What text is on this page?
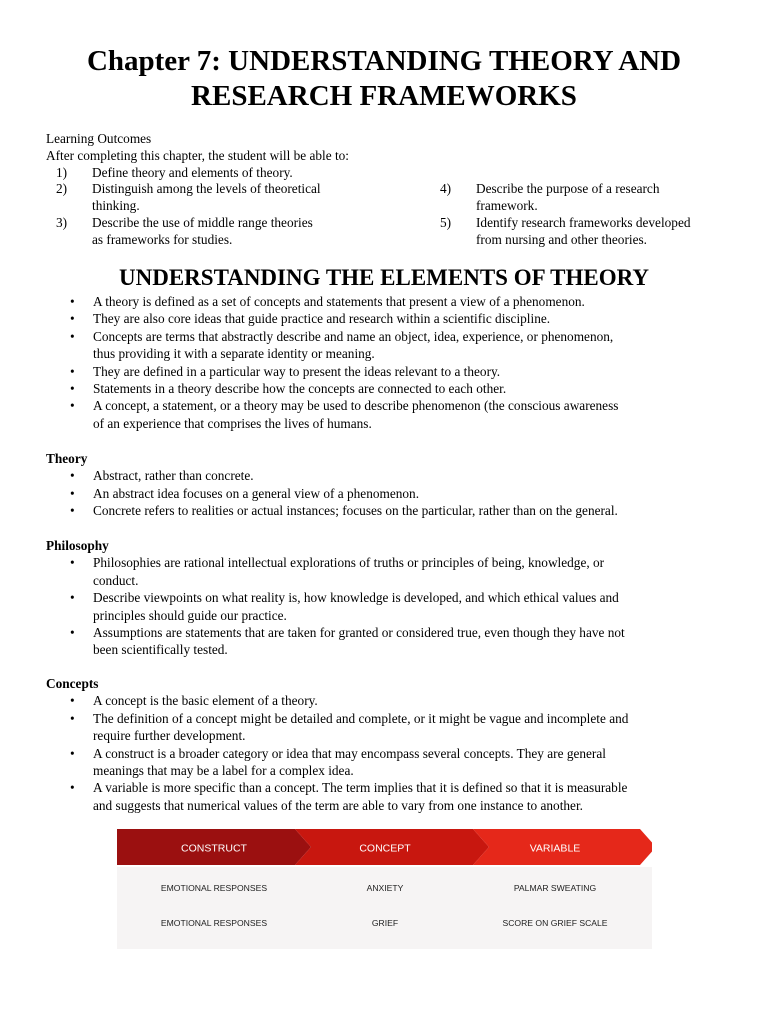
Chapter 7: UNDERSTANDING THEORY AND RESEARCH FRAMEWORKS
Learning Outcomes
After completing this chapter, the student will be able to:
1) Define theory and elements of theory.
2) Distinguish among the levels of theoretical
thinking.
3) Describe the use of middle range theories
as frameworks for studies.
4) Describe the purpose of a research
framework.
5) Identify research frameworks developed
from nursing and other theories.
UNDERSTANDING THE ELEMENTS OF THEORY
• A theory is defined as a set of concepts and statements that present a view of a phenomenon.
• They are also core ideas that guide practice and research within a scientific discipline.
• Concepts are terms that abstractly describe and name an object, idea, experience, or phenomenon,
thus providing it with a separate identity or meaning.
• They are defined in a particular way to present the ideas relevant to a theory.
• Statements in a theory describe how the concepts are connected to each other.
• A concept, a statement, or a theory may be used to describe phenomenon (the conscious awareness
of an experience that comprises the lives of humans.
Theory
• Abstract, rather than concrete.
• An abstract idea focuses on a general view of a phenomenon.
• Concrete refers to realities or actual instances; focuses on the particular, rather than on the general.
Philosophy
• Philosophies are rational intellectual explorations of truths or principles of being, knowledge, or
conduct.
• Describe viewpoints on what reality is, how knowledge is developed, and which ethical values and
principles should guide our practice.
• Assumptions are statements that are taken for granted or considered true, even though they have not
been scientifically tested.
Concepts
• A concept is the basic element of a theory.
• The definition of a concept might be detailed and complete, or it might be vague and incomplete and
require further development.
• A construct is a broader category or idea that may encompass several concepts. They are general
meanings that may be a label for a complex idea.
• A variable is more specific than a concept. The term implies that it is defined so that it is measurable
and suggests that numerical values of the term are able to vary from one instance to another.
CONSTRUCT	CONCEPT	VARIABLE
EMOTIONAL RESPONSES	ANXIETY	PALMAR SWEATING
EMOTIONAL RESPONSES	GRIEF	SCORE ON GRIEF SCALE
